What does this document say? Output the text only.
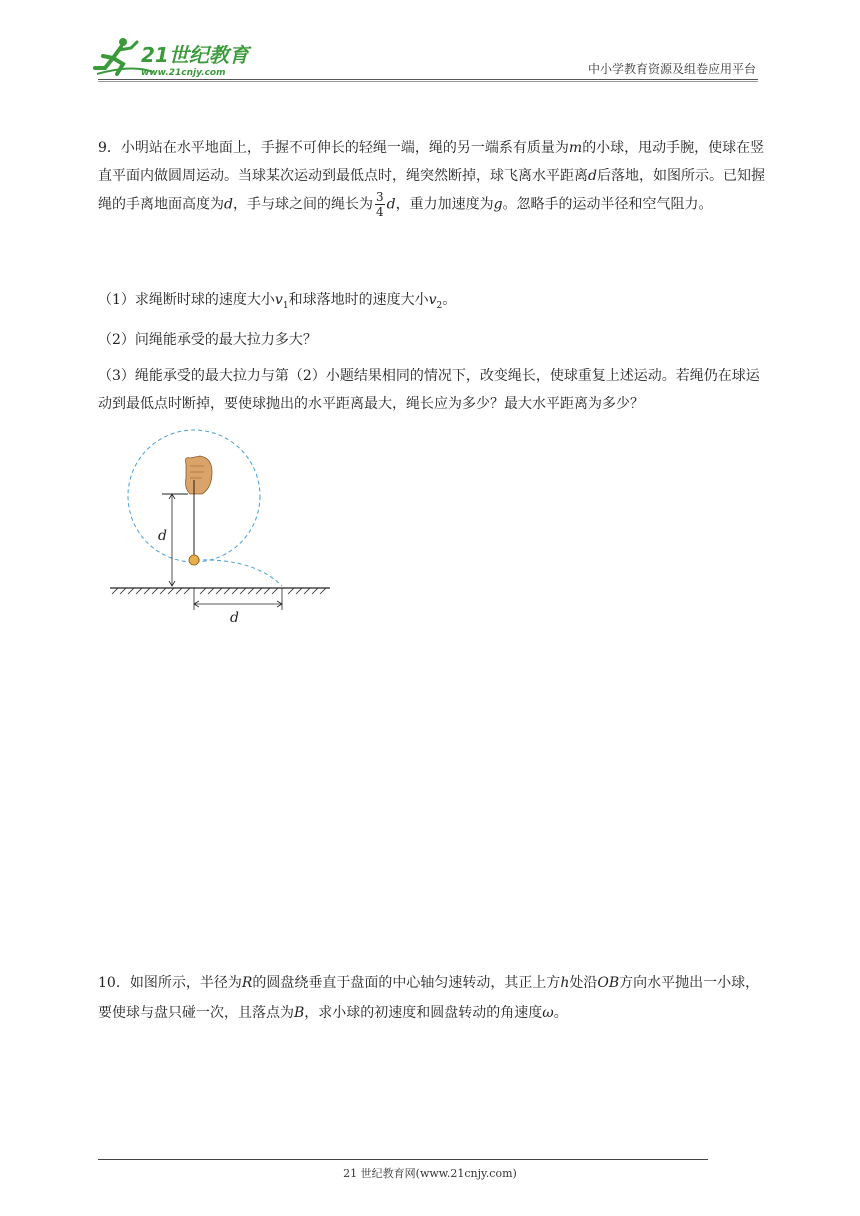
21世纪教育
www.21cnjy.com	中小学教育资源及组卷应用平台
9．小明站在水平地面上，手握不可伸长的轻绳一端，绳的另一端系有质量为m的小球，甩动手腕，使球在竖直平面内做圆周运动。当球某次运动到最低点时，绳突然断掉，球飞离水平距离d后落地，如图所示。已知握绳的手离地面高度为d，手与球之间的绳长为 $\frac{3}{4}$ d，重力加速度为g。忽略手的运动半径和空气阻力。
（1）求绳断时球的速度大小$v_1$和球落地时的速度大小$v_2$。
（2）问绳能承受的最大拉力多大？
（3）绳能承受的最大拉力与第（2）小题结果相同的情况下，改变绳长，使球重复上述运动。若绳仍在球运动到最低点时断掉，要使球抛出的水平距离最大，绳长应为多少？最大水平距离为多少？
d
d
10．如图所示，半径为R的圆盘绕垂直于盘面的中心轴匀速转动，其正上方h处沿OB方向水平抛出一小球，要使球与盘只碰一次，且落点为B，求小球的初速度和圆盘转动的角速度ω。
21 世纪教育网(www.21cnjy.com)
